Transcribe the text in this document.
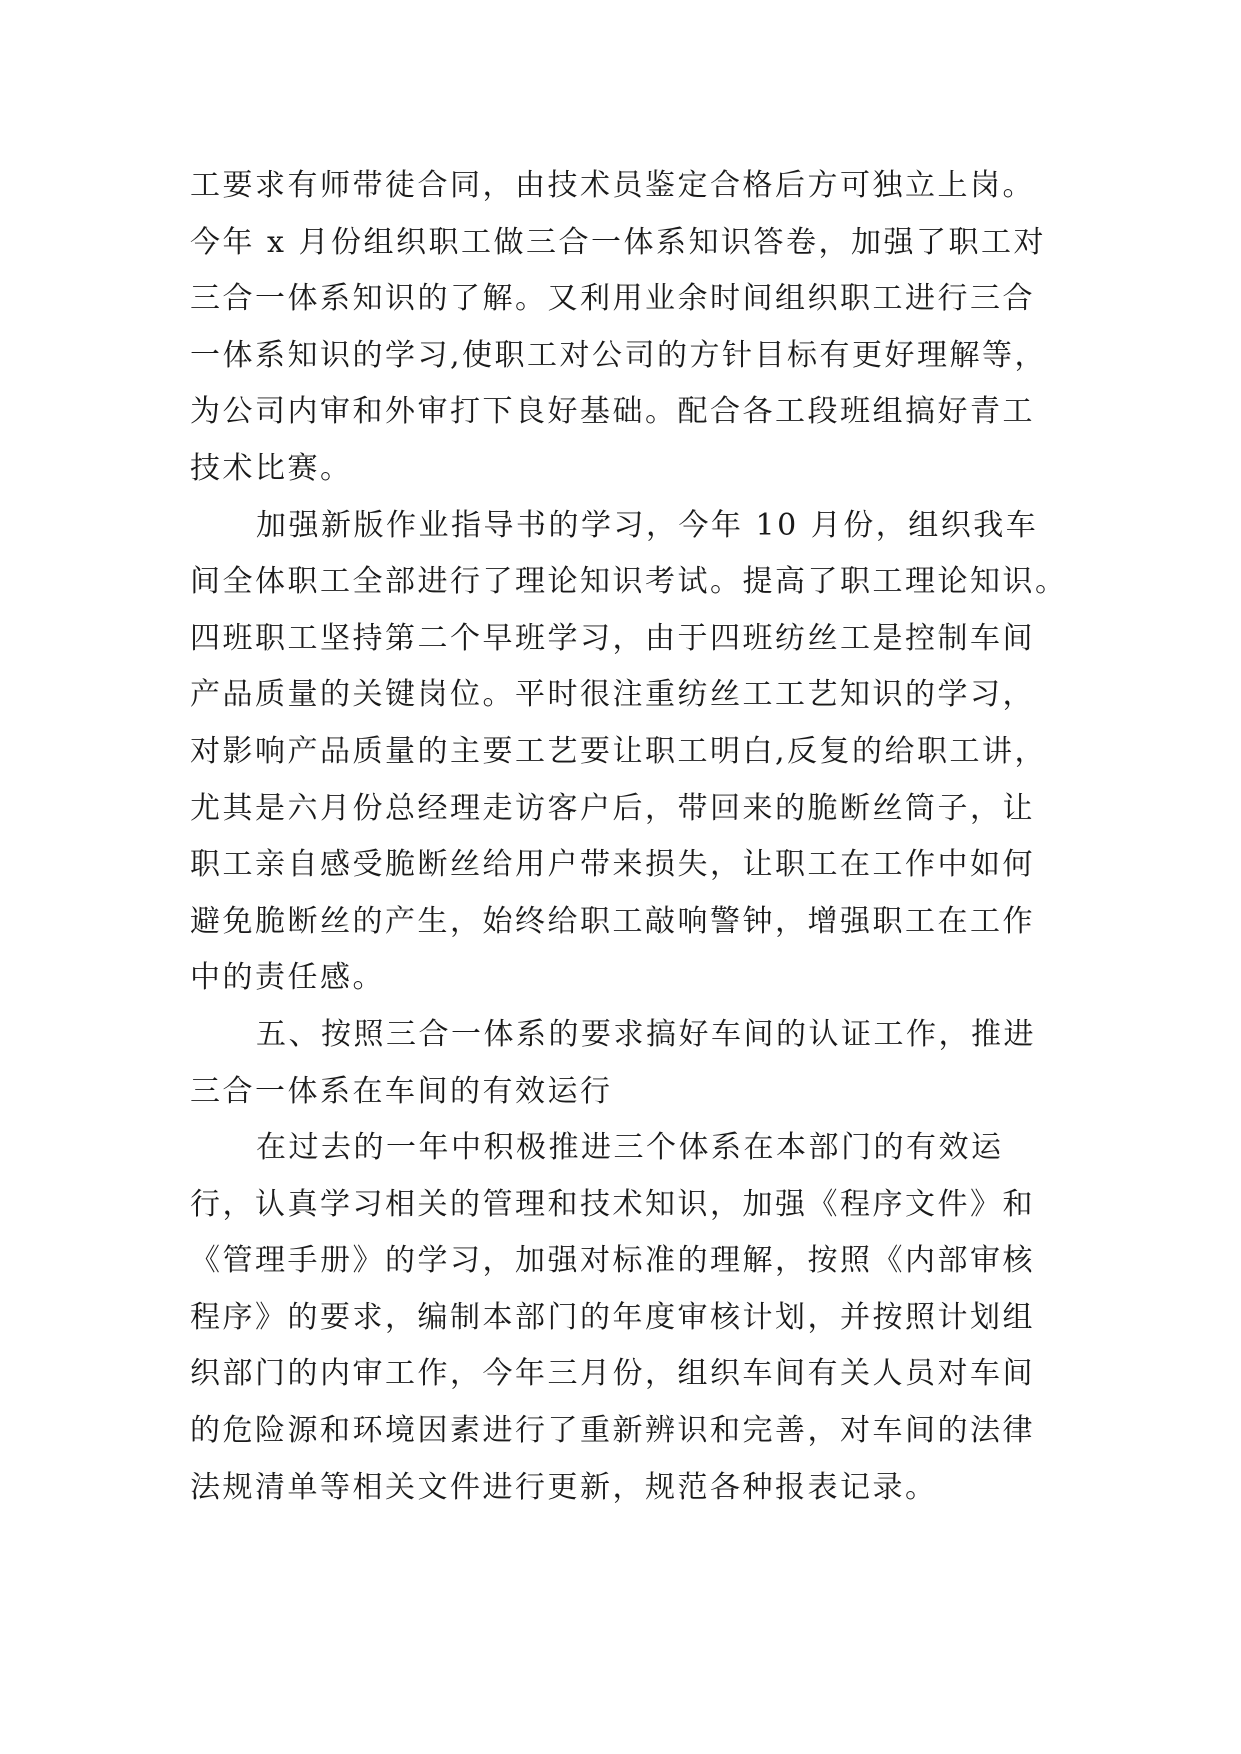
工要求有师带徒合同，由技术员鉴定合格后方可独立上岗。
今年 x 月份组织职工做三合一体系知识答卷，加强了职工对
三合一体系知识的了解。又利用业余时间组织职工进行三合
一体系知识的学习,使职工对公司的方针目标有更好理解等，
为公司内审和外审打下良好基础。配合各工段班组搞好青工
技术比赛。
加强新版作业指导书的学习，今年 10 月份，组织我车
间全体职工全部进行了理论知识考试。提高了职工理论知识。
四班职工坚持第二个早班学习，由于四班纺丝工是控制车间
产品质量的关键岗位。平时很注重纺丝工工艺知识的学习，
对影响产品质量的主要工艺要让职工明白,反复的给职工讲，
尤其是六月份总经理走访客户后，带回来的脆断丝筒子，让
职工亲自感受脆断丝给用户带来损失，让职工在工作中如何
避免脆断丝的产生，始终给职工敲响警钟，增强职工在工作
中的责任感。
五、按照三合一体系的要求搞好车间的认证工作，推进
三合一体系在车间的有效运行
在过去的一年中积极推进三个体系在本部门的有效运
行，认真学习相关的管理和技术知识，加强《程序文件》和
《管理手册》的学习，加强对标准的理解，按照《内部审核
程序》的要求，编制本部门的年度审核计划，并按照计划组
织部门的内审工作，今年三月份，组织车间有关人员对车间
的危险源和环境因素进行了重新辨识和完善，对车间的法律
法规清单等相关文件进行更新，规范各种报表记录。
